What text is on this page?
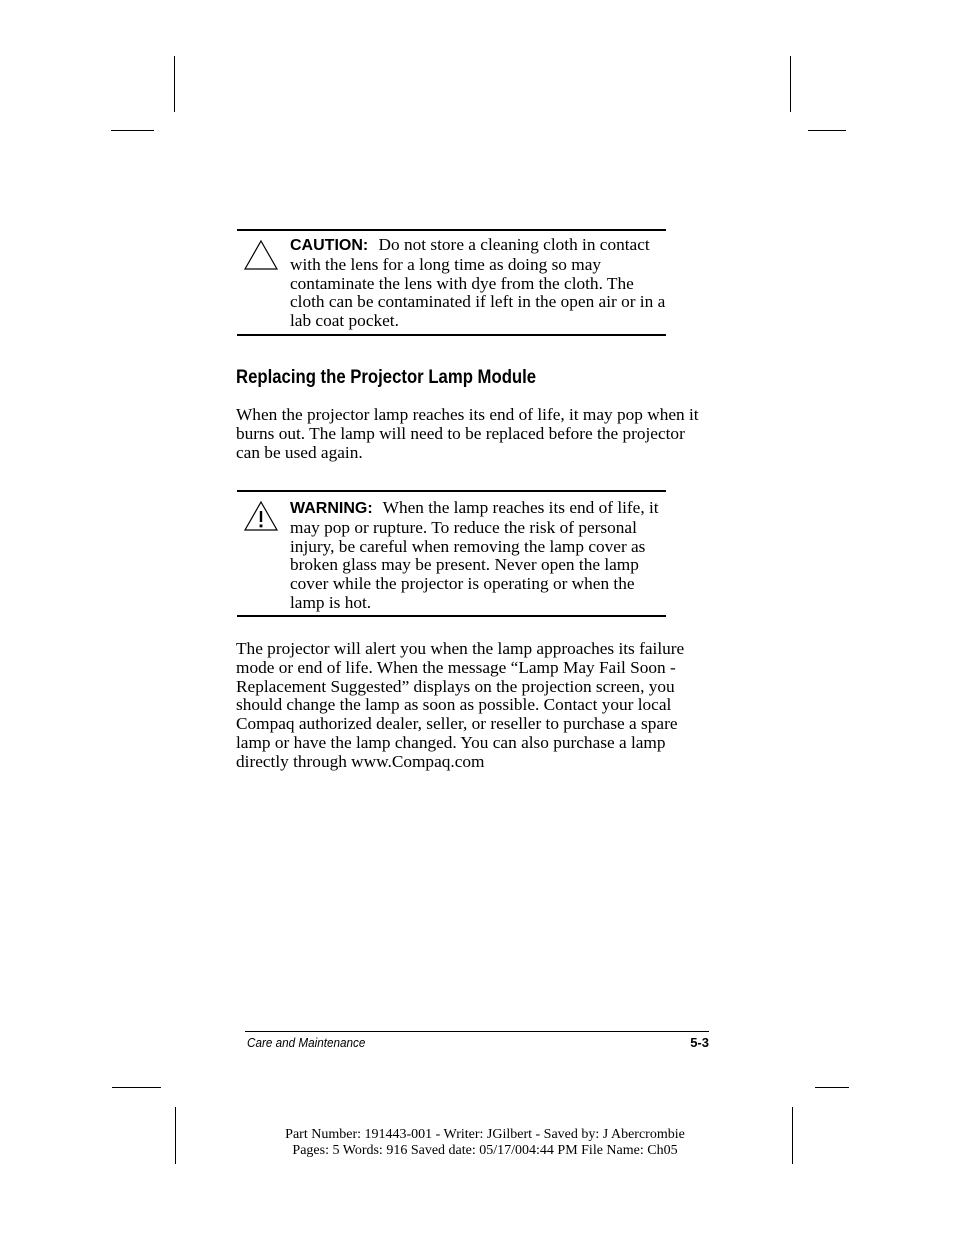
CAUTION: Do not store a cleaning cloth in contact with the lens for a long time as doing so may contaminate the lens with dye from the cloth. The cloth can be contaminated if left in the open air or in a lab coat pocket.
Replacing the Projector Lamp Module
When the projector lamp reaches its end of life, it may pop when it burns out. The lamp will need to be replaced before the projector can be used again.
WARNING: When the lamp reaches its end of life, it may pop or rupture. To reduce the risk of personal injury, be careful when removing the lamp cover as broken glass may be present. Never open the lamp cover while the projector is operating or when the lamp is hot.
The projector will alert you when the lamp approaches its failure mode or end of life. When the message “Lamp May Fail Soon - Replacement Suggested” displays on the projection screen, you should change the lamp as soon as possible. Contact your local Compaq authorized dealer, seller, or reseller to purchase a spare lamp or have the lamp changed. You can also purchase a lamp directly through www.Compaq.com
Care and Maintenance	5-3
Part Number: 191443-001 - Writer: JGilbert - Saved by: J Abercrombie
Pages: 5 Words: 916 Saved date: 05/17/004:44 PM File Name: Ch05
